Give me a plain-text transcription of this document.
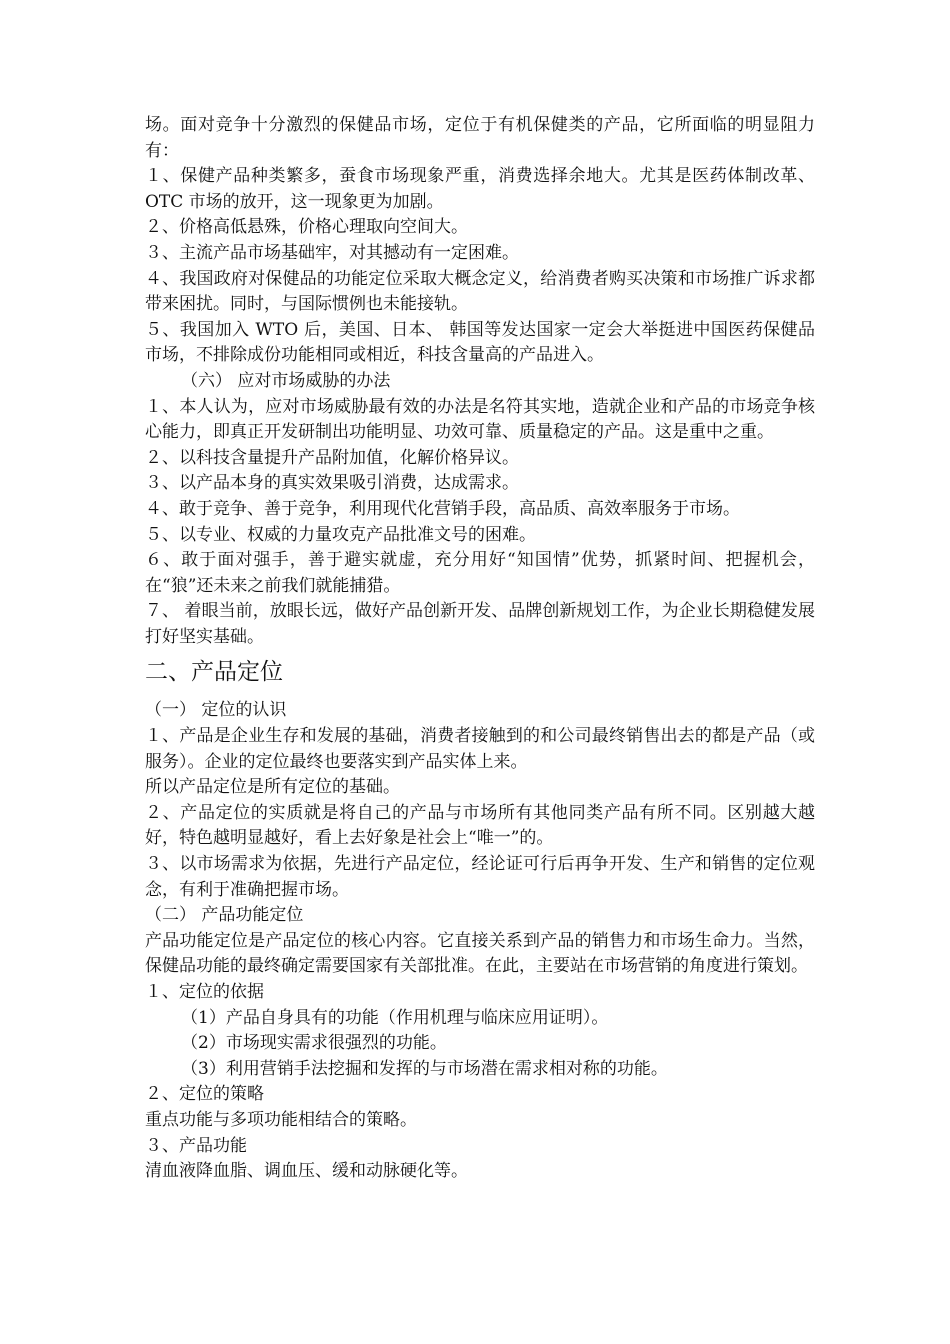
场。面对竞争十分激烈的保健品市场，定位于有机保健类的产品，它所面临的明显阻力有：

１、保健产品种类繁多，蚕食市场现象严重，消费选择余地大。尤其是医药体制改革、OTC 市场的放开，这一现象更为加剧。

２、价格高低悬殊，价格心理取向空间大。

３、主流产品市场基础牢，对其撼动有一定困难。

４、我国政府对保健品的功能定位采取大概念定义，给消费者购买决策和市场推广诉求都带来困扰。同时，与国际惯例也未能接轨。

５、我国加入 WTO 后，美国、日本、 韩国等发达国家一定会大举挺进中国医药保健品市场，不排除成份功能相同或相近，科技含量高的产品进入。

（六） 应对市场威胁的办法

１、本人认为，应对市场威胁最有效的办法是名符其实地，造就企业和产品的市场竞争核心能力，即真正开发研制出功能明显、功效可靠、质量稳定的产品。这是重中之重。

２、以科技含量提升产品附加值，化解价格异议。

３、以产品本身的真实效果吸引消费，达成需求。

４、敢于竞争、善于竞争，利用现代化营销手段，高品质、高效率服务于市场。

５、以专业、权威的力量攻克产品批准文号的困难。

６、敢于面对强手，善于避实就虚，充分用好“知国情”优势，抓紧时间、把握机会，在“狼”还未来之前我们就能捕猎。

７、 着眼当前，放眼长远，做好产品创新开发、品牌创新规划工作，为企业长期稳健发展打好坚实基础。

二、产品定位

（一） 定位的认识

１、产品是企业生存和发展的基础，消费者接触到的和公司最终销售出去的都是产品（或服务）。企业的定位最终也要落实到产品实体上来。

所以产品定位是所有定位的基础。

２、产品定位的实质就是将自己的产品与市场所有其他同类产品有所不同。区别越大越好，特色越明显越好，看上去好象是社会上“唯一”的。

３、以市场需求为依据，先进行产品定位，经论证可行后再争开发、生产和销售的定位观念，有利于准确把握市场。

（二） 产品功能定位

产品功能定位是产品定位的核心内容。它直接关系到产品的销售力和市场生命力。当然，保健品功能的最终确定需要国家有关部批准。在此，主要站在市场营销的角度进行策划。

１、定位的依据

（1）产品自身具有的功能（作用机理与临床应用证明）。

（2）市场现实需求很强烈的功能。

（3）利用营销手法挖掘和发挥的与市场潜在需求相对称的功能。

２、定位的策略

重点功能与多项功能相结合的策略。

３、产品功能

清血液降血脂、调血压、缓和动脉硬化等。
